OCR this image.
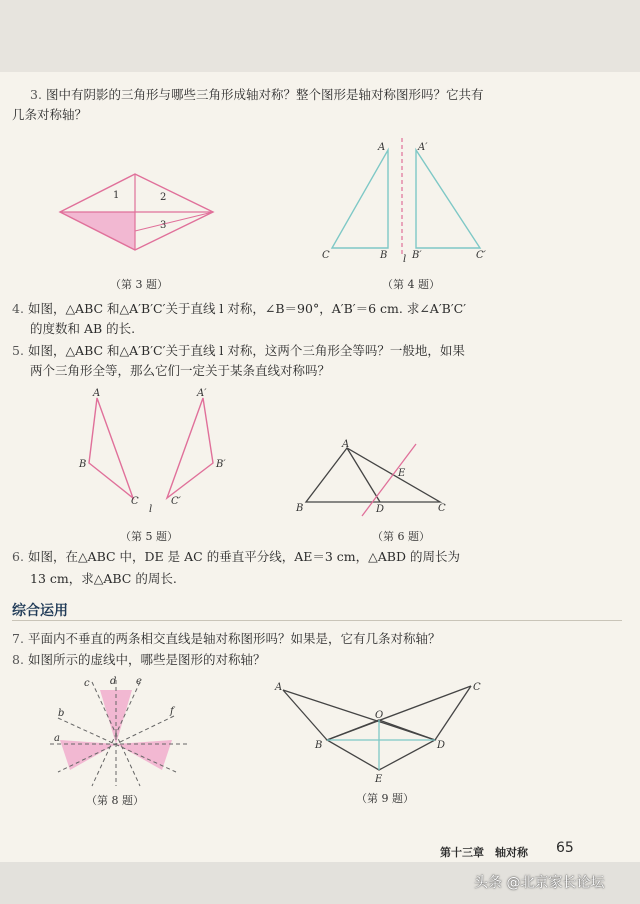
3. 图中有阴影的三角形与哪些三角形成轴对称？整个图形是轴对称图形吗？它共有
几条对称轴？
1	2
3
（第 3 题）
A	A′
B B′
C	C′
l
（第 4 题）
4. 如图，△ABC 和△A′B′C′关于直线 l 对称，∠B＝90°，A′B′＝6 cm. 求∠A′B′C′
的度数和 AB 的长.
5. 如图，△ABC 和△A′B′C′关于直线 l 对称，这两个三角形全等吗？一般地，如果
两个三角形全等，那么它们一定关于某条直线对称吗？
A	A′
B	B′
C	C′
l
（第 5 题）
A
B	C
D
E
（第 6 题）
6. 如图，在△ABC 中，DE 是 AC 的垂直平分线，AE＝3 cm，△ABD 的周长为
13 cm，求△ABC 的周长.
综合运用
7. 平面内不垂直的两条相交直线是轴对称图形吗？如果是，它有几条对称轴？
8. 如图所示的虚线中，哪些是图形的对称轴？
a
b
c d e
f
（第 8 题）
A
B
C
D
E
O
（第 9 题）
第十三章　轴对称 65
头条 @北京家长论坛
